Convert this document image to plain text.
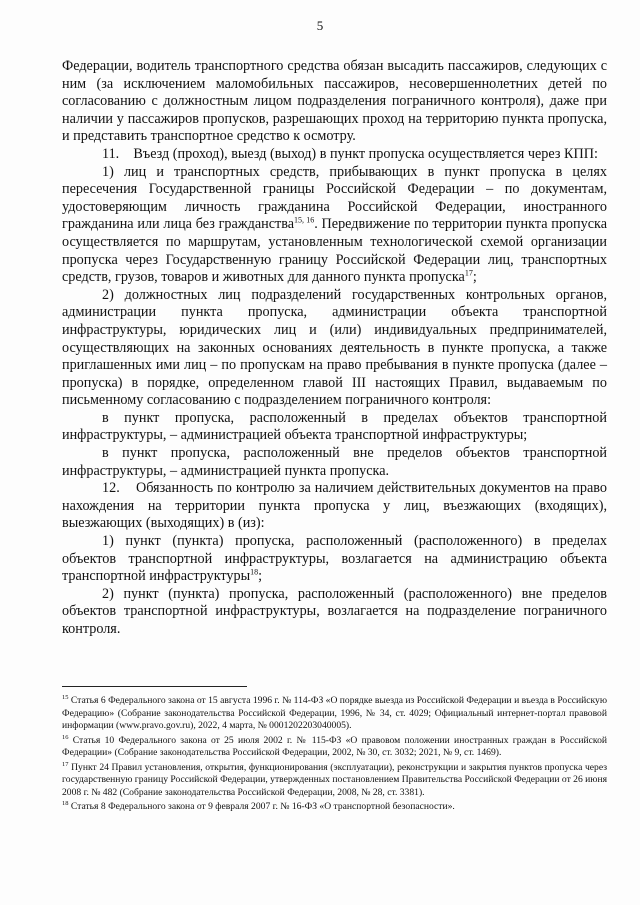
5

Федерации, водитель транспортного средства обязан высадить пассажиров, следующих с ним (за исключением маломобильных пассажиров, несовершеннолетних детей по согласованию с должностным лицом подразделения пограничного контроля), даже при наличии у пассажиров пропусков, разрешающих проход на территорию пункта пропуска, и представить транспортное средство к осмотру.

11.    Въезд (проход), выезд (выход) в пункт пропуска осуществляется через КПП:

1) лиц и транспортных средств, прибывающих в пункт пропуска в целях пересечения Государственной границы Российской Федерации – по документам, удостоверяющим личность гражданина Российской Федерации, иностранного гражданина или лица без гражданства$^{15, 16}$. Передвижение по территории пункта пропуска осуществляется по маршрутам, установленным технологической схемой организации пропуска через Государственную границу Российской Федерации лиц, транспортных средств, грузов, товаров и животных для данного пункта пропуска$^{17}$;

2) должностных лиц подразделений государственных контрольных органов, администрации пункта пропуска, администрации объекта транспортной инфраструктуры, юридических лиц и (или) индивидуальных предпринимателей, осуществляющих на законных основаниях деятельность в пункте пропуска, а также приглашенных ими лиц – по пропускам на право пребывания в пункте пропуска (далее – пропуска) в порядке, определенном главой III настоящих Правил, выдаваемым по письменному согласованию с подразделением пограничного контроля:

в пункт пропуска, расположенный в пределах объектов транспортной инфраструктуры, – администрацией объекта транспортной инфраструктуры;

в пункт пропуска, расположенный вне пределов объектов транспортной инфраструктуры, – администрацией пункта пропуска.

12.    Обязанность по контролю за наличием действительных документов на право нахождения на территории пункта пропуска у лиц, въезжающих (входящих), выезжающих (выходящих) в (из):

1) пункт (пункта) пропуска, расположенный (расположенного) в пределах объектов транспортной инфраструктуры, возлагается на администрацию объекта транспортной инфраструктуры$^{18}$;

2) пункт (пункта) пропуска, расположенный (расположенного) вне пределов объектов транспортной инфраструктуры, возлагается на подразделение пограничного контроля.

$^{15}$ Статья 6 Федерального закона от 15 августа 1996 г. № 114-ФЗ «О порядке выезда из Российской Федерации и въезда в Российскую Федерацию» (Собрание законодательства Российской Федерации, 1996, № 34, ст. 4029; Официальный интернет-портал правовой информации (www.pravo.gov.ru), 2022, 4 марта, № 0001202203040005).

$^{16}$ Статья 10 Федерального закона от 25 июля 2002 г. № 115-ФЗ «О правовом положении иностранных граждан в Российской Федерации» (Собрание законодательства Российской Федерации, 2002, № 30, ст. 3032; 2021, № 9, ст. 1469).

$^{17}$ Пункт 24 Правил установления, открытия, функционирования (эксплуатации), реконструкции и закрытия пунктов пропуска через государственную границу Российской Федерации, утвержденных постановлением Правительства Российской Федерации от 26 июня 2008 г. № 482 (Собрание законодательства Российской Федерации, 2008, № 28, ст. 3381).

$^{18}$ Статья 8 Федерального закона от 9 февраля 2007 г. № 16-ФЗ «О транспортной безопасности».
